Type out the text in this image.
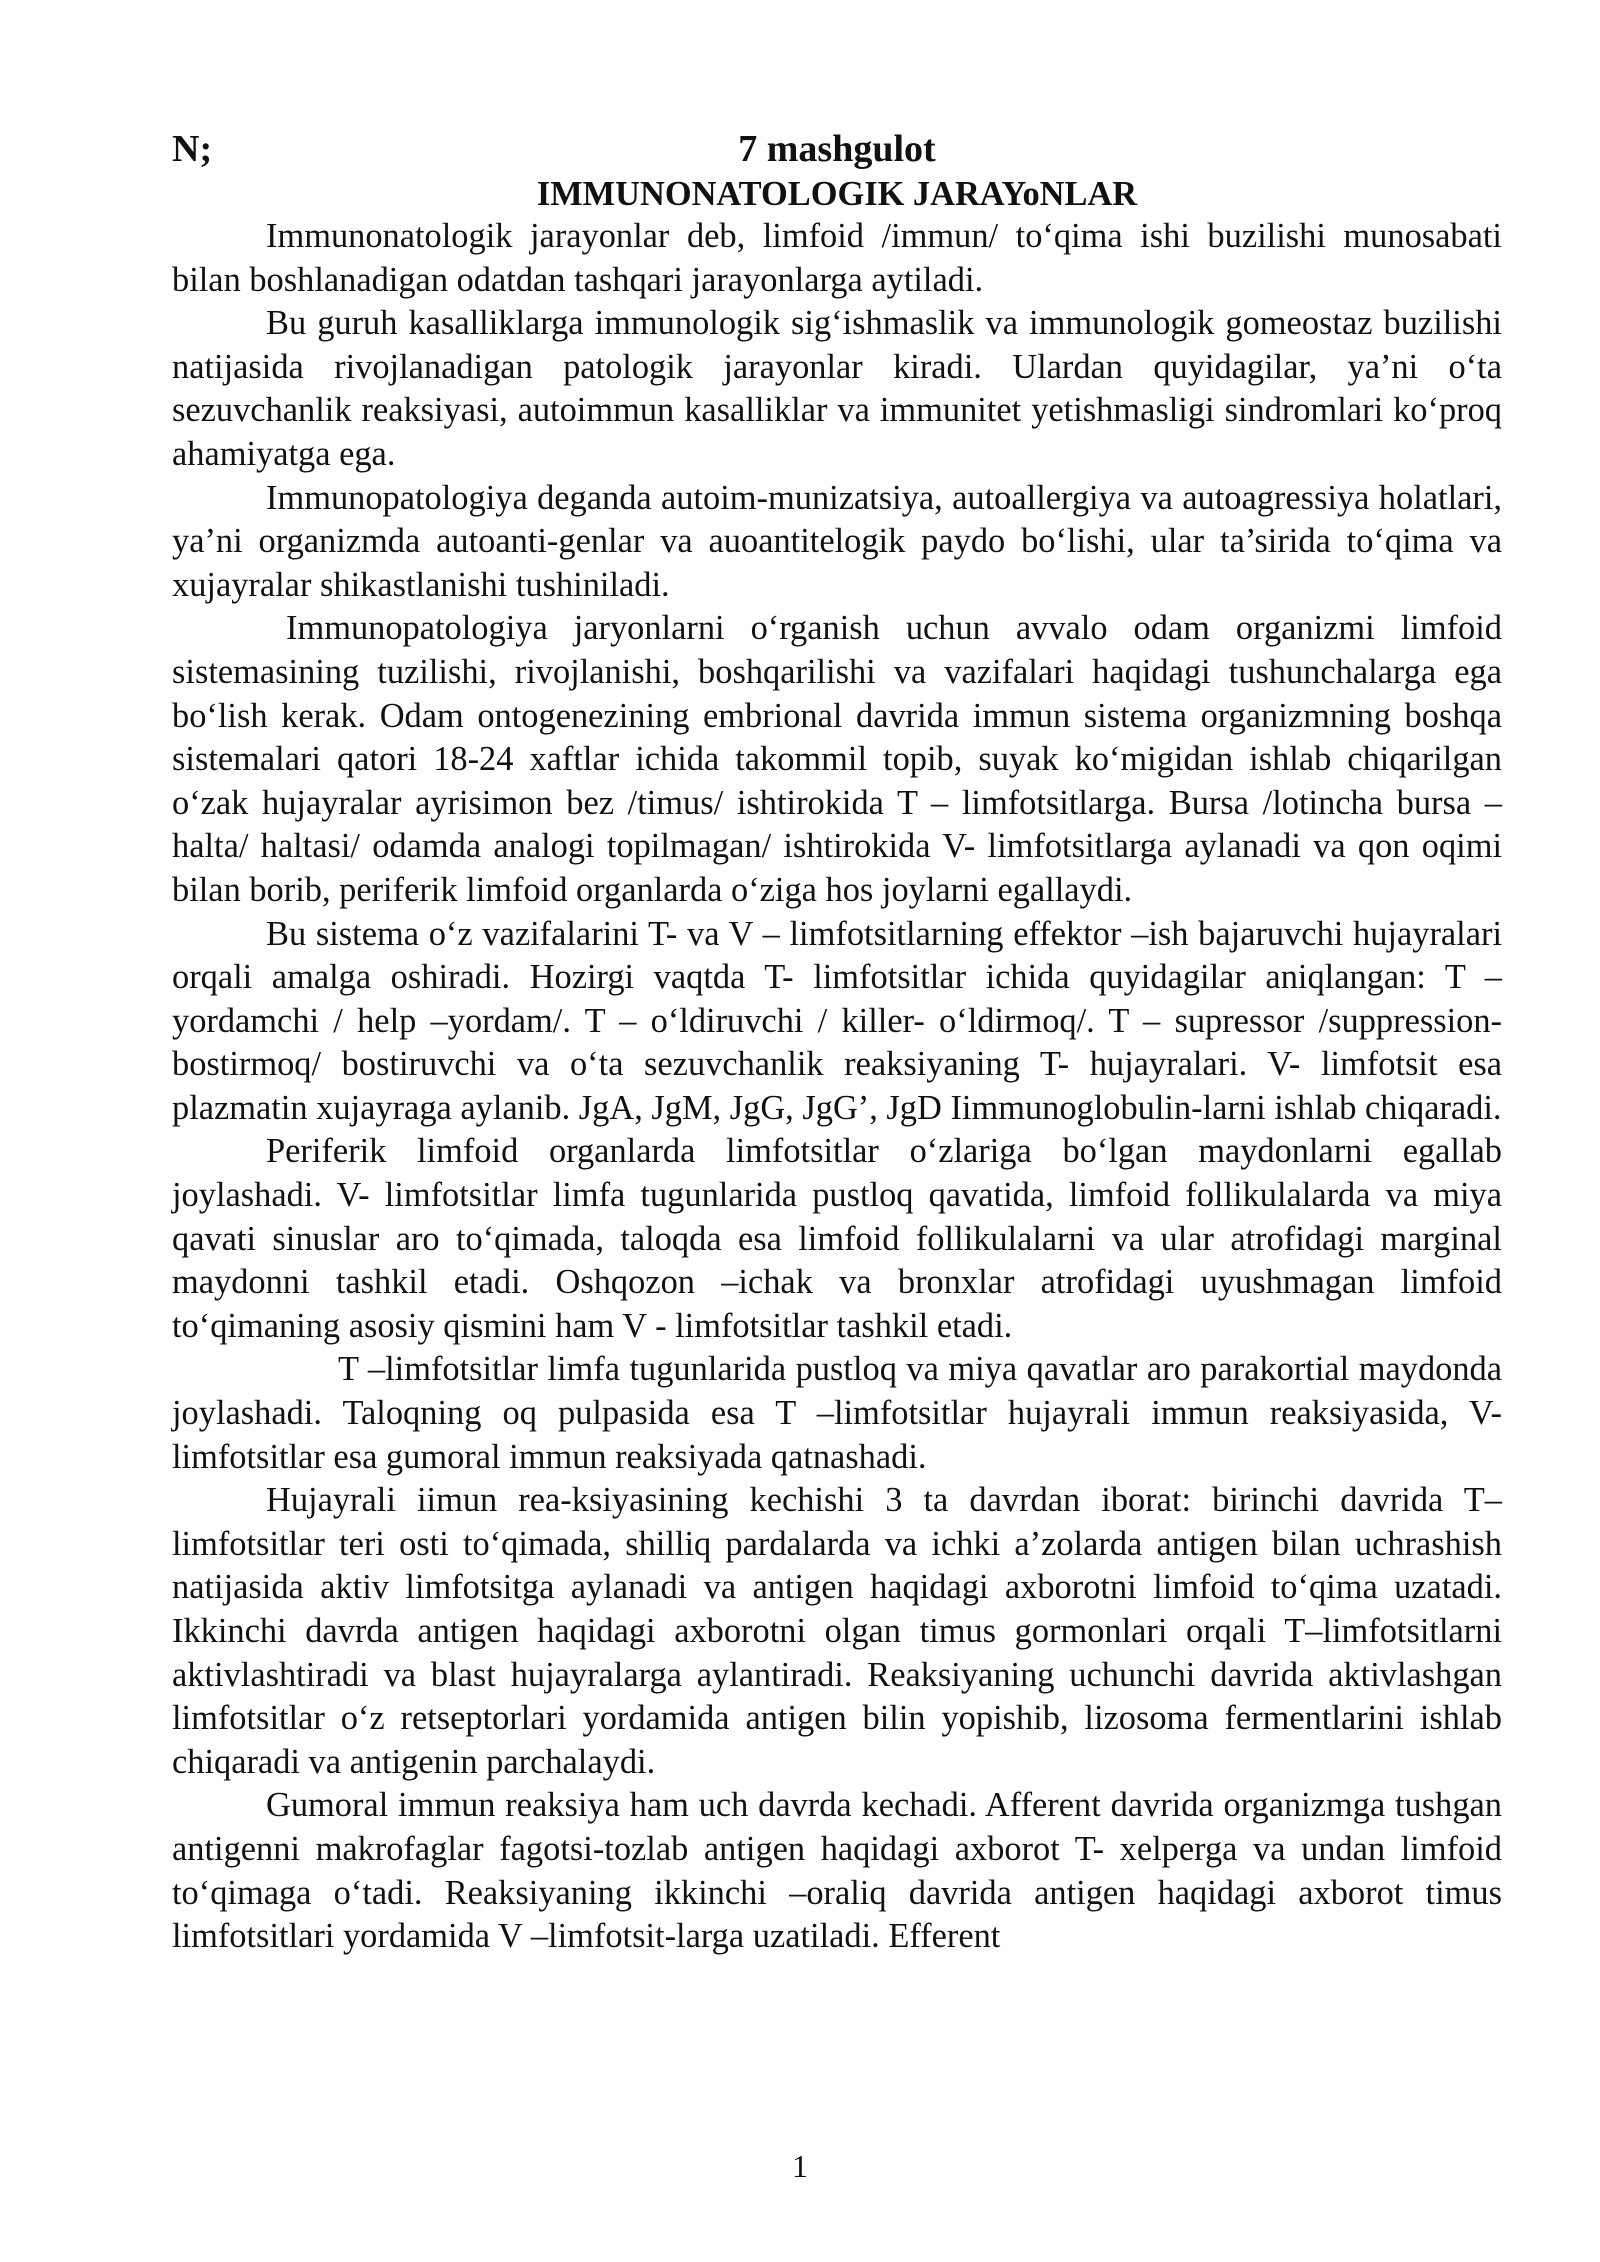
N;	7 mashgulot
IMMUNONATOLOGIK JARAYoNLAR

Immunonatologik jarayonlar deb, limfoid /immun/ to‘qima ishi buzilishi munosabati bilan boshlanadigan odatdan tashqari jarayonlarga aytiladi.

Bu guruh kasalliklarga immunologik sig‘ishmaslik va immunologik gomeostaz buzilishi natijasida rivojlanadigan patologik jarayonlar kiradi. Ulardan quyidagilar, ya’ni o‘ta sezuvchanlik reaksiyasi, autoimmun kasalliklar va immunitet yetishmasligi sindromlari ko‘proq ahamiyatga ega.

Immunopatologiya deganda autoim-munizatsiya, autoallergiya va autoagressiya holatlari, ya’ni organizmda autoanti-genlar va auoantitelogik paydo bo‘lishi, ular ta’sirida to‘qima va xujayralar shikastlanishi tushiniladi.

Immunopatologiya jaryonlarni o‘rganish uchun avvalo odam organizmi limfoid sistemasining tuzilishi, rivojlanishi, boshqarilishi va vazifalari haqidagi tushunchalarga ega bo‘lish kerak. Odam ontogenezining embrional davrida immun sistema organizmning boshqa sistemalari qatori 18-24 xaftlar ichida takommil topib, suyak ko‘migidan ishlab chiqarilgan o‘zak hujayralar ayrisimon bez /timus/ ishtirokida T – limfotsitlarga. Bursa /lotincha bursa –halta/ haltasi/ odamda analogi topilmagan/ ishtirokida V- limfotsitlarga aylanadi va qon oqimi bilan borib, periferik limfoid organlarda o‘ziga hos joylarni egallaydi.

Bu sistema o‘z vazifalarini T- va V – limfotsitlarning effektor –ish bajaruvchi hujayralari orqali amalga oshiradi. Hozirgi vaqtda T- limfotsitlar ichida quyidagilar aniqlangan: T –yordamchi / help –yordam/. T – o‘ldiruvchi / killer- o‘ldirmoq/. T – supressor /suppression- bostirmoq/ bostiruvchi va o‘ta sezuvchanlik reaksiyaning T- hujayralari. V- limfotsit esa plazmatin xujayraga aylanib. JgA, JgM, JgG, JgG’, JgD Iimmunoglobulin-larni ishlab chiqaradi.

Periferik limfoid organlarda limfotsitlar o‘zlariga bo‘lgan maydonlarni egallab joylashadi. V- limfotsitlar limfa tugunlarida pustloq qavatida, limfoid follikulalarda va miya qavati sinuslar aro to‘qimada, taloqda esa limfoid follikulalarni va ular atrofidagi marginal maydonni tashkil etadi. Oshqozon –ichak va bronxlar atrofidagi uyushmagan limfoid to‘qimaning asosiy qismini ham V - limfotsitlar tashkil etadi.

T –limfotsitlar limfa tugunlarida pustloq va miya qavatlar aro parakortial maydonda joylashadi. Taloqning oq pulpasida esa T –limfotsitlar hujayrali immun reaksiyasida, V- limfotsitlar esa gumoral immun reaksiyada qatnashadi.

Hujayrali iimun rea-ksiyasining kechishi 3 ta davrdan iborat: birinchi davrida T–limfotsitlar teri osti to‘qimada, shilliq pardalarda va ichki a’zolarda antigen bilan uchrashish natijasida aktiv limfotsitga aylanadi va antigen haqidagi axborotni limfoid to‘qima uzatadi. Ikkinchi davrda antigen haqidagi axborotni olgan timus gormonlari orqali T–limfotsitlarni aktivlashtiradi va blast hujayralarga aylantiradi. Reaksiyaning uchunchi davrida aktivlashgan limfotsitlar o‘z retseptorlari yordamida antigen bilin yopishib, lizosoma fermentlarini ishlab chiqaradi va antigenin parchalaydi.

Gumoral immun reaksiya ham uch davrda kechadi. Afferent davrida organizmga tushgan antigenni makrofaglar fagotsi-tozlab antigen haqidagi axborot T- xelperga va undan limfoid to‘qimaga o‘tadi. Reaksiyaning ikkinchi –oraliq davrida antigen haqidagi axborot timus limfotsitlari yordamida V –limfotsit-larga uzatiladi. Efferent

1
